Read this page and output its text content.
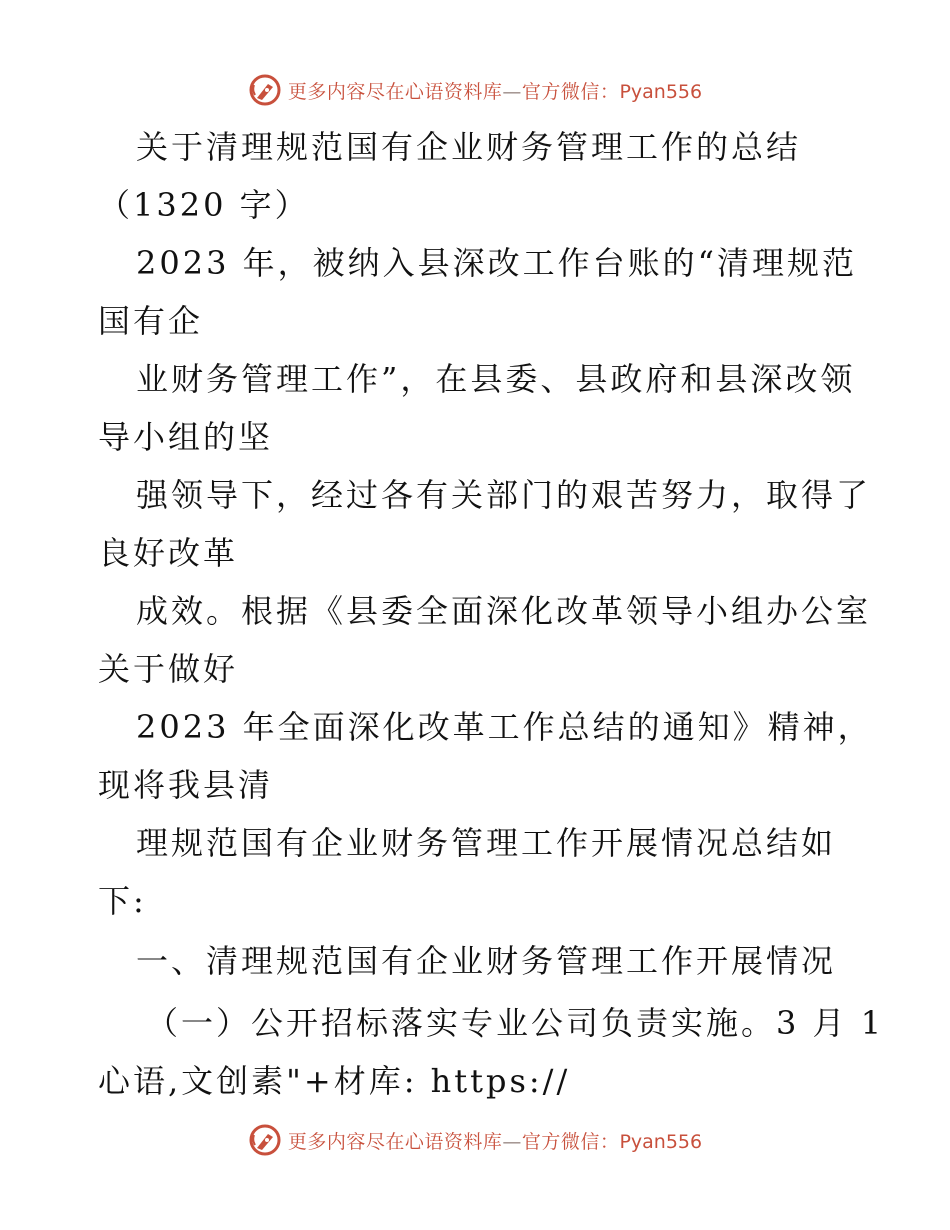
更多内容尽在心语资料库—官方微信：Pyan556
关于清理规范国有企业财务管理工作的总结
（1320 字）
2023 年，被纳入县深改工作台账的“清理规范
国有企
业财务管理工作”，在县委、县政府和县深改领
导小组的坚
强领导下，经过各有关部门的艰苦努力，取得了
良好改革
成效。根据《县委全面深化改革领导小组办公室
关于做好
2023 年全面深化改革工作总结的通知》精神，
现将我县清
理规范国有企业财务管理工作开展情况总结如
下:
一、清理规范国有企业财务管理工作开展情况
（一）公开招标落实专业公司负责实施。3 月 1
心语,文创素"+材库: https://
更多内容尽在心语资料库—官方微信：Pyan556
